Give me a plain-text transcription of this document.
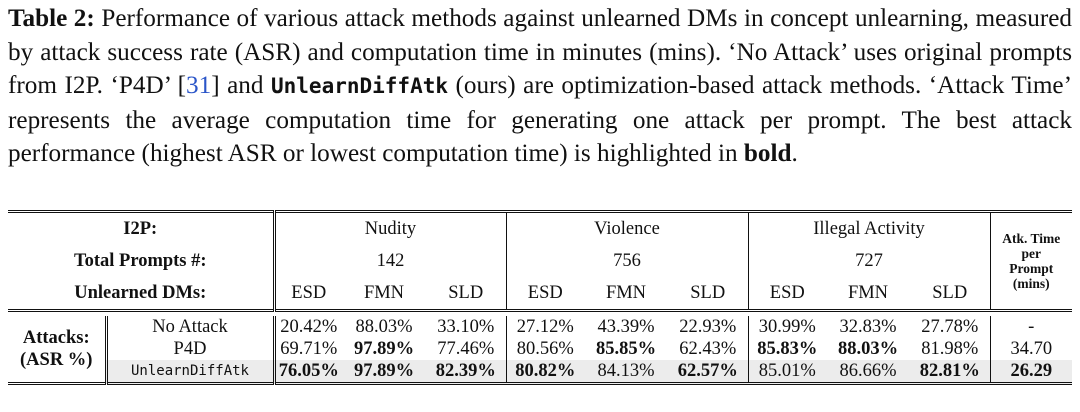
Table 2: Performance of various attack methods against unlearned DMs in concept unlearning, measured by attack success rate (ASR) and computation time in minutes (mins). ‘No Attack’ uses original prompts from I2P. ‘P4D’ [31] and UnlearnDiffAtk (ours) are optimization-based attack methods. ‘Attack Time’ represents the average computation time for generating one attack per prompt. The best attack performance (highest ASR or lowest computation time) is highlighted in bold.

I2P:		Nudity			Violence			Illegal Activity			Atk. Time
per
Prompt
(mins)

Total Prompts #:		142			756			727			
Unlearned DMs:		ESD	FMN	SLD	ESD	FMN	SLD	ESD	FMN	SLD	

Attacks:
(ASR %)	No Attack	20.42%	88.03%	33.10%	27.12%	43.39%	22.93%	30.99%	32.83%	27.78%	-
	P4D	69.71%	97.89%	77.46%	80.56%	85.85%	62.43%	85.83%	88.03%	81.98%	34.70
	UnlearnDiffAtk	76.05%	97.89%	82.39%	80.82%	84.13%	62.57%	85.01%	86.66%	82.81%	26.29
